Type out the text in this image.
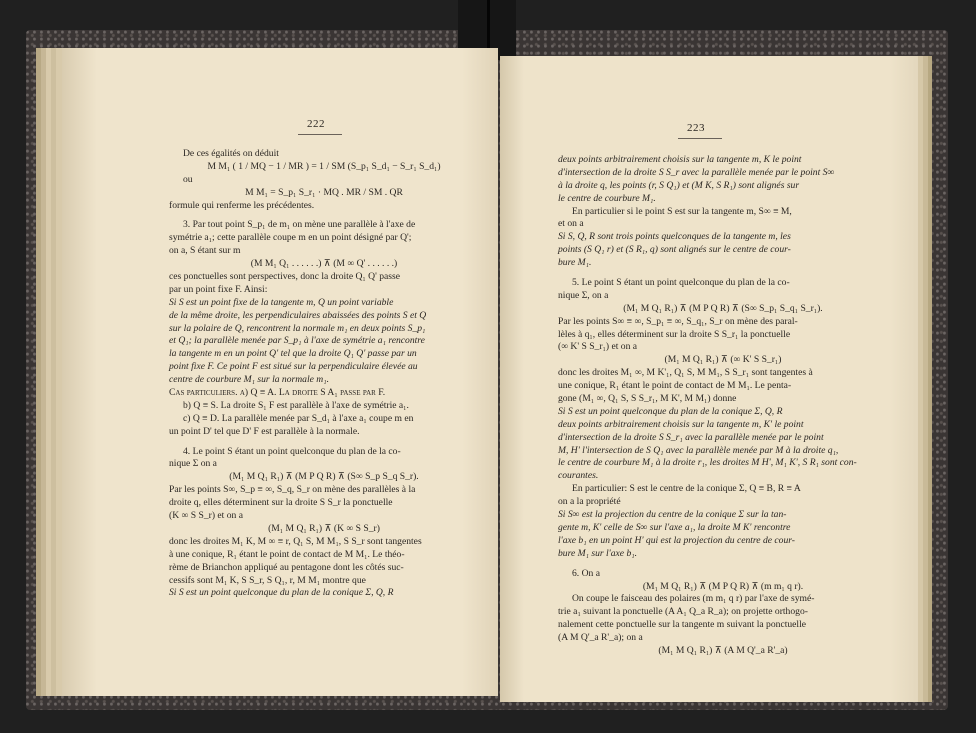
222
De ces égalités on déduit
M M₁ ( 1 / MQ − 1 / MR ) = 1 / SM (S_p₁ S_d₁ − S_r₁ S_d₁)
ou
M M₁ = S_p₁ S_r₁ · MQ . MR / SM . QR
formule qui renferme les précédentes.
3. Par tout point S_p₁ de m₁ on mène une parallèle à l'axe de
symétrie a₁; cette parallèle coupe m en un point désigné par Q';
on a, S étant sur m
(M M₁ Q₁ . . . . . .) ⊼ (M ∞ Q' . . . . . .)
ces ponctuelles sont perspectives, donc la droite Q₁ Q' passe
par un point fixe F. Ainsi:
Si S est un point fixe de la tangente m, Q un point variable
de la même droite, les perpendiculaires abaissées des points S et Q
sur la polaire de Q, rencontrent la normale m₁ en deux points S_p₁
et Q₁; la parallèle menée par S_p₁ à l'axe de symétrie a₁ rencontre
la tangente m en un point Q' tel que la droite Q₁ Q' passe par un
point fixe F. Ce point F est situé sur la perpendiculaire élevée au
centre de courbure M₁ sur la normale m₁.
Cas particuliers. a) Q ≡ A. La droite S A₁ passe par F.
b) Q ≡ S. La droite S₁ F est parallèle à l'axe de symétrie a₁.
c) Q ≡ D. La parallèle menée par S_d₁ à l'axe a₁ coupe m en
un point D' tel que D' F est parallèle à la normale.
4. Le point S étant un point quelconque du plan de la co-
nique Σ on a
(M₁ M Q₁ R₁) ⊼ (M P Q R) ⊼ (S∞ S_p S_q S_r).
Par les points S∞, S_p ≡ ∞, S_q, S_r on mène des parallèles à la
droite q, elles déterminent sur la droite S S_r la ponctuelle
(K ∞ S S_r) et on a
(M₁ M Q₁ R₁) ⊼ (K ∞ S S_r)
donc les droites M₁ K, M ∞ ≡ r, Q₁ S, M M₁, S S_r sont tangentes
à une conique, R₁ étant le point de contact de M M₁. Le théo-
rème de Brianchon appliqué au pentagone dont les côtés suc-
cessifs sont M₁ K, S S_r, S Q₁, r, M M₁ montre que
Si S est un point quelconque du plan de la conique Σ, Q, R
223
deux points arbitrairement choisis sur la tangente m, K le point
d'intersection de la droite S S_r avec la parallèle menée par le point S∞
à la droite q, les points (r, S Q₁) et (M K, S R₁) sont alignés sur
le centre de courbure M₁.
En particulier si le point S est sur la tangente m, S∞ ≡ M,
et on a
Si S, Q, R sont trois points quelconques de la tangente m, les
points (S Q₁ r) et (S R₁, q) sont alignés sur le centre de cour-
bure M₁.
5. Le point S étant un point quelconque du plan de la co-
nique Σ, on a
(M₁ M Q₁ R₁) ⊼ (M P Q R) ⊼ (S∞ S_p₁ S_q₁ S_r₁).
Par les points S∞ ≡ ∞, S_p₁ ≡ ∞, S_q₁, S_r on mène des paral-
lèles à q₁, elles déterminent sur la droite S S_r₁ la ponctuelle
(∞ K' S S_r₁) et on a
(M₁ M Q₁ R₁) ⊼ (∞ K' S S_r₁)
donc les droites M₁ ∞, M K'₁, Q₁ S, M M₁, S S_r₁ sont tangentes à
une conique, R₁ étant le point de contact de M M₁. Le penta-
gone (M₁ ∞, Q₁ S, S S_r₁, M K', M M₁) donne
Si S est un point quelconque du plan de la conique Σ, Q, R
deux points arbitrairement choisis sur la tangente m, K' le point
d'intersection de la droite S S_r₁ avec la parallèle menée par le point
M, H' l'intersection de S Q₁ avec la parallèle menée par M à la droite q₁,
le centre de courbure M₁ à la droite r₁, les droites M H', M₁ K', S R₁ sont con-
courantes.
En particulier: S est le centre de la conique Σ, Q ≡ B, R ≡ A
on a la propriété
Si S∞ est la projection du centre de la conique Σ sur la tan-
gente m, K' celle de S∞ sur l'axe a₁, la droite M K' rencontre
l'axe b₁ en un point H' qui est la projection du centre de cour-
bure M₁ sur l'axe b₁.
6. On a
(M₁ M Q₁ R₁) ⊼ (M P Q R) ⊼ (m m₁ q r).
On coupe le faisceau des polaires (m m₁ q r) par l'axe de symé-
trie a₁ suivant la ponctuelle (A A₁ Q_a R_a); on projette orthogo-
nalement cette ponctuelle sur la tangente m suivant la ponctuelle
(A M Q'_a R'_a); on a
(M₁ M Q₁ R₁) ⊼ (A M Q'_a R'_a)
